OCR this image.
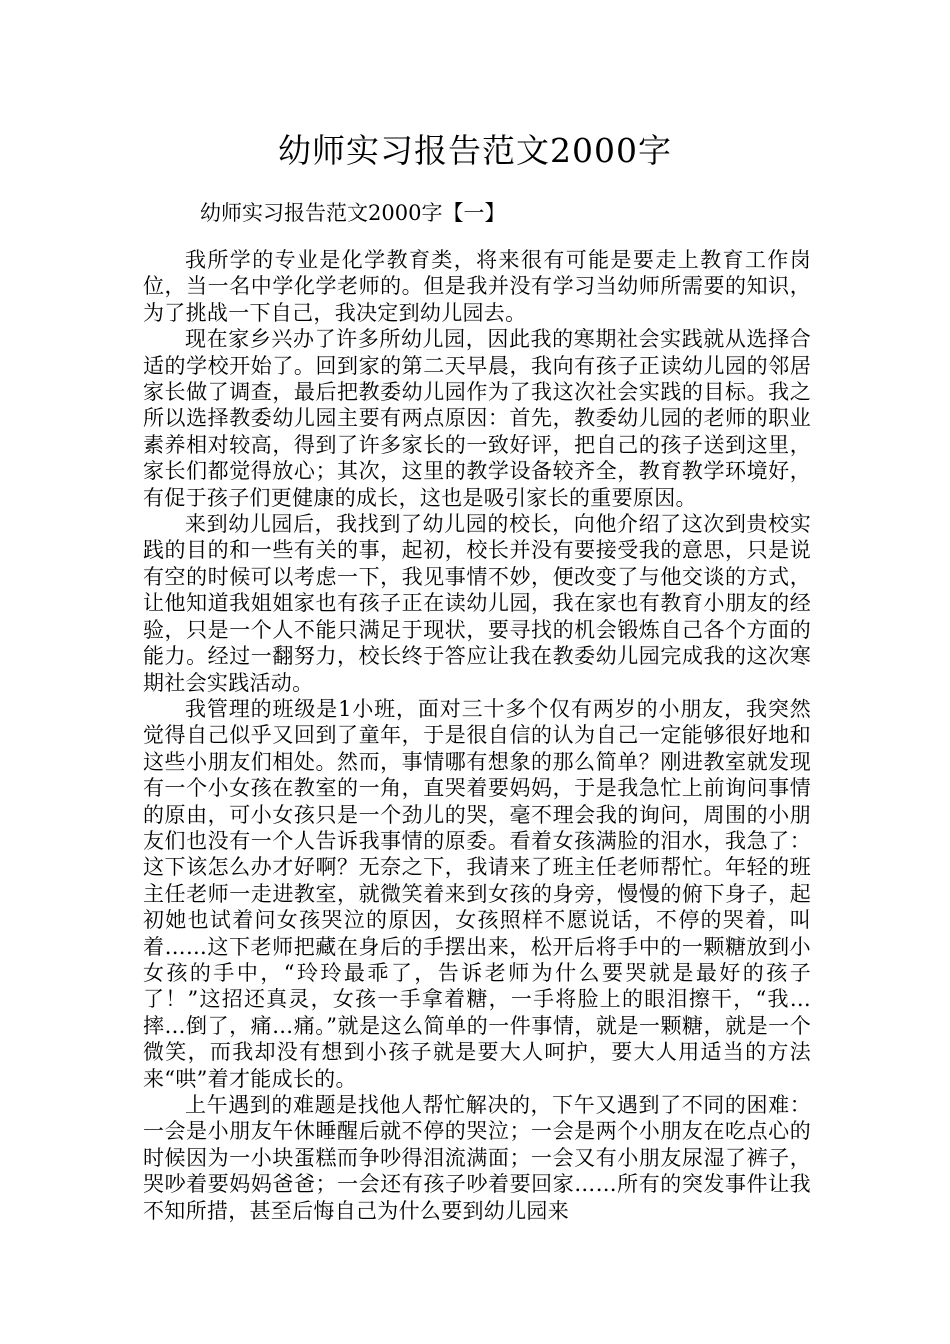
幼师实习报告范文2000字
幼师实习报告范文2000字【一】

我所学的专业是化学教育类，将来很有可能是要走上教育工作岗位，当一名中学化学老师的。但是我并没有学习当幼师所需要的知识，为了挑战一下自己，我决定到幼儿园去。

现在家乡兴办了许多所幼儿园，因此我的寒期社会实践就从选择合适的学校开始了。回到家的第二天早晨，我向有孩子正读幼儿园的邻居家长做了调查，最后把教委幼儿园作为了我这次社会实践的目标。我之所以选择教委幼儿园主要有两点原因：首先，教委幼儿园的老师的职业素养相对较高，得到了许多家长的一致好评，把自己的孩子送到这里，家长们都觉得放心；其次，这里的教学设备较齐全，教育教学环境好，有促于孩子们更健康的成长，这也是吸引家长的重要原因。

来到幼儿园后，我找到了幼儿园的校长，向他介绍了这次到贵校实践的目的和一些有关的事，起初，校长并没有要接受我的意思，只是说有空的时候可以考虑一下，我见事情不妙，便改变了与他交谈的方式，让他知道我姐姐家也有孩子正在读幼儿园，我在家也有教育小朋友的经验，只是一个人不能只满足于现状，要寻找的机会锻炼自己各个方面的能力。经过一翻努力，校长终于答应让我在教委幼儿园完成我的这次寒期社会实践活动。

我管理的班级是1小班，面对三十多个仅有两岁的小朋友，我突然觉得自己似乎又回到了童年，于是很自信的认为自己一定能够很好地和这些小朋友们相处。然而，事情哪有想象的那么简单？刚进教室就发现有一个小女孩在教室的一角，直哭着要妈妈，于是我急忙上前询问事情的原由，可小女孩只是一个劲儿的哭，毫不理会我的询问，周围的小朋友们也没有一个人告诉我事情的原委。看着女孩满脸的泪水，我急了：这下该怎么办才好啊？无奈之下，我请来了班主任老师帮忙。年轻的班主任老师一走进教室，就微笑着来到女孩的身旁，慢慢的俯下身子，起初她也试着问女孩哭泣的原因，女孩照样不愿说话，不停的哭着，叫着……这下老师把藏在身后的手摆出来，松开后将手中的一颗糖放到小女孩的手中，“玲玲最乖了，告诉老师为什么要哭就是最好的孩子了！”这招还真灵，女孩一手拿着糖，一手将脸上的眼泪擦干，“我…摔…倒了，痛…痛。”就是这么简单的一件事情，就是一颗糖，就是一个微笑，而我却没有想到小孩子就是要大人呵护，要大人用适当的方法来“哄”着才能成长的。

上午遇到的难题是找他人帮忙解决的，下午又遇到了不同的困难：一会是小朋友午休睡醒后就不停的哭泣；一会是两个小朋友在吃点心的时候因为一小块蛋糕而争吵得泪流满面；一会又有小朋友尿湿了裤子，哭吵着要妈妈爸爸；一会还有孩子吵着要回家……所有的突发事件让我不知所措，甚至后悔自己为什么要到幼儿园来
